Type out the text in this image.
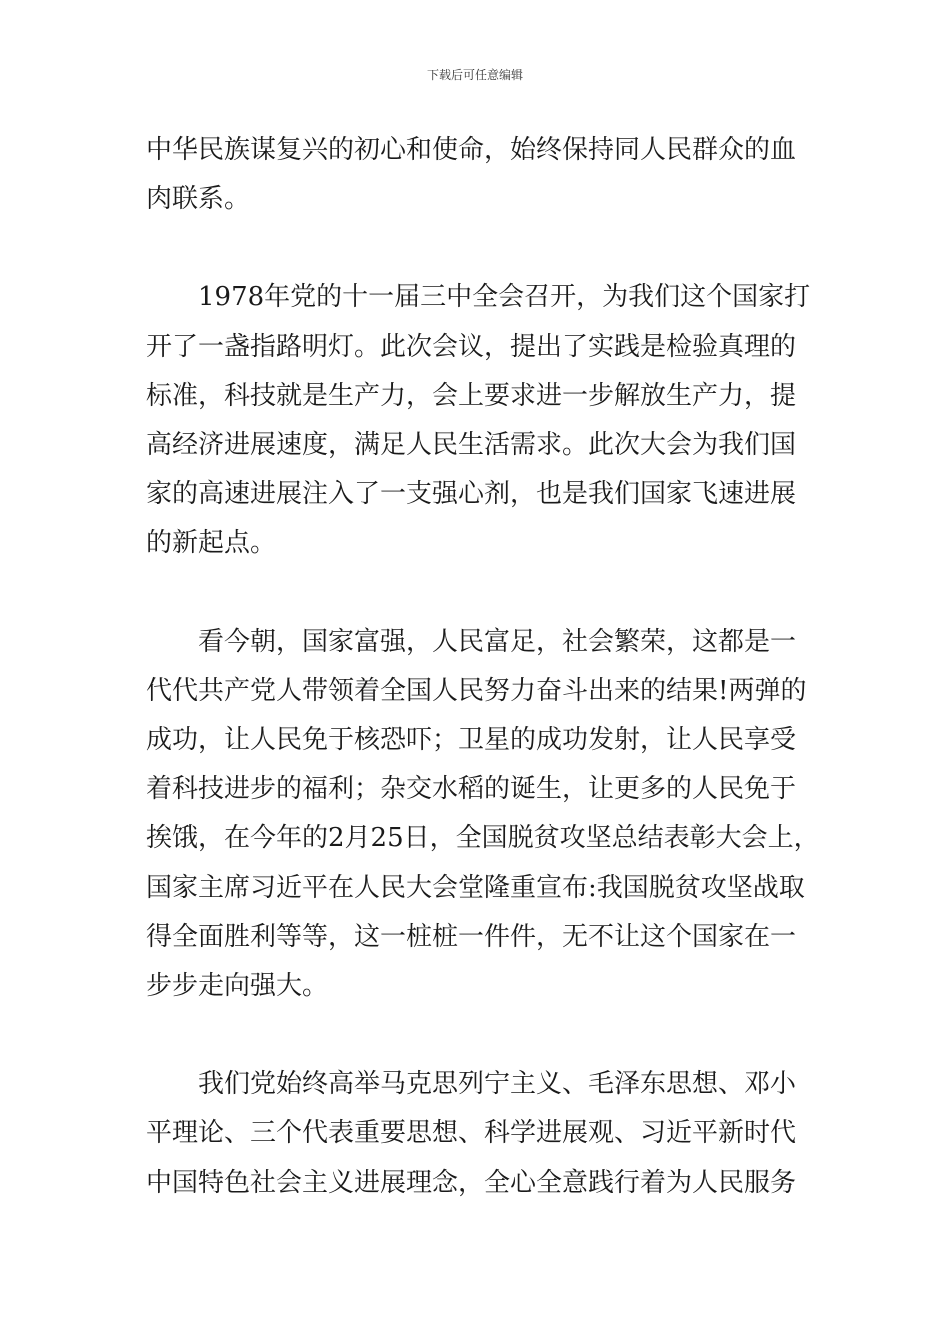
下载后可任意编辑

中华民族谋复兴的初心和使命，始终保持同人民群众的血
肉联系。

1978年党的十一届三中全会召开，为我们这个国家打
开了一盏指路明灯。此次会议，提出了实践是检验真理的
标准，科技就是生产力，会上要求进一步解放生产力，提
高经济进展速度，满足人民生活需求。此次大会为我们国
家的高速进展注入了一支强心剂，也是我们国家飞速进展
的新起点。

看今朝，国家富强，人民富足，社会繁荣，这都是一
代代共产党人带领着全国人民努力奋斗出来的结果!两弹的
成功，让人民免于核恐吓；卫星的成功发射，让人民享受
着科技进步的福利；杂交水稻的诞生，让更多的人民免于
挨饿，在今年的2月25日，全国脱贫攻坚总结表彰大会上，
国家主席习近平在人民大会堂隆重宣布:我国脱贫攻坚战取
得全面胜利等等，这一桩桩一件件，无不让这个国家在一
步步走向强大。

我们党始终高举马克思列宁主义、毛泽东思想、邓小
平理论、三个代表重要思想、科学进展观、习近平新时代
中国特色社会主义进展理念，全心全意践行着为人民服务
